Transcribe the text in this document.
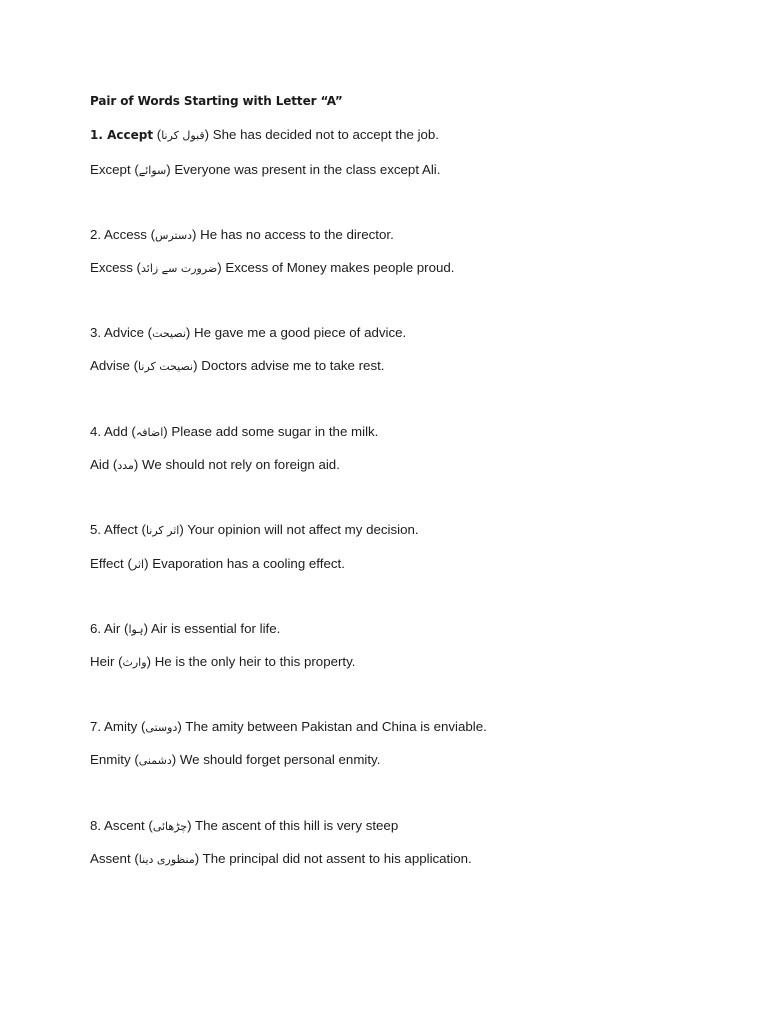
Pair of Words Starting with Letter “A”
1. Accept (قبول کرنا) She has decided not to accept the job.
Except (سوائے) Everyone was present in the class except Ali.
2. Access (دسترس) He has no access to the director.
Excess (ضرورت سے زائد) Excess of Money makes people proud.
3. Advice (نصیحت) He gave me a good piece of advice.
Advise (نصیحت کرنا) Doctors advise me to take rest.
4. Add (اضافہ) Please add some sugar in the milk.
Aid (مدد) We should not rely on foreign aid.
5. Affect (اثر کرنا) Your opinion will not affect my decision.
Effect (اثر) Evaporation has a cooling effect.
6. Air (ہوا) Air is essential for life.
Heir (وارث) He is the only heir to this property.
7. Amity (دوستی) The amity between Pakistan and China is enviable.
Enmity (دشمنی) We should forget personal enmity.
8. Ascent (چڑھائی) The ascent of this hill is very steep
Assent (منظوری دینا) The principal did not assent to his application.
